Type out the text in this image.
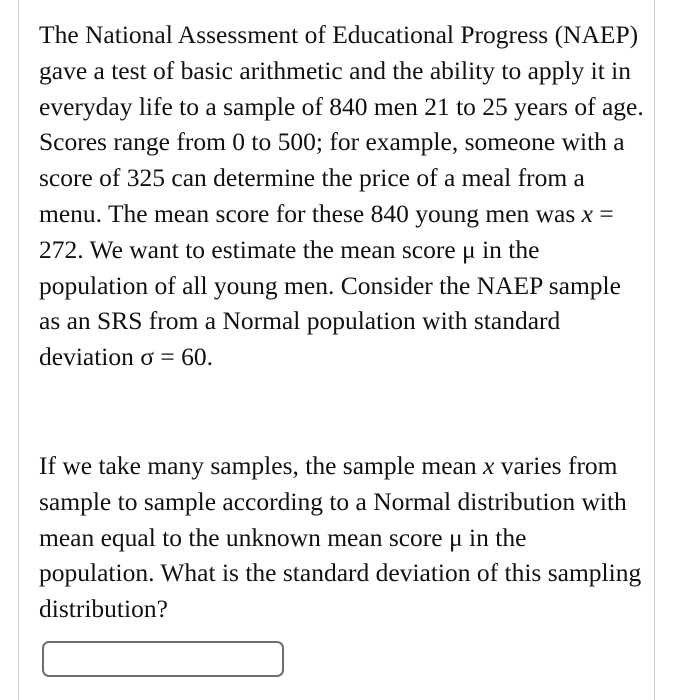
The National Assessment of Educational Progress (NAEP) gave a test of basic arithmetic and the ability to apply it in everyday life to a sample of 840 men 21 to 25 years of age. Scores range from 0 to 500; for example, someone with a score of 325 can determine the price of a meal from a menu. The mean score for these 840 young men was x = 272. We want to estimate the mean score μ in the population of all young men. Consider the NAEP sample as an SRS from a Normal population with standard deviation σ = 60.

If we take many samples, the sample mean x varies from sample to sample according to a Normal distribution with mean equal to the unknown mean score μ in the population. What is the standard deviation of this sampling distribution?
